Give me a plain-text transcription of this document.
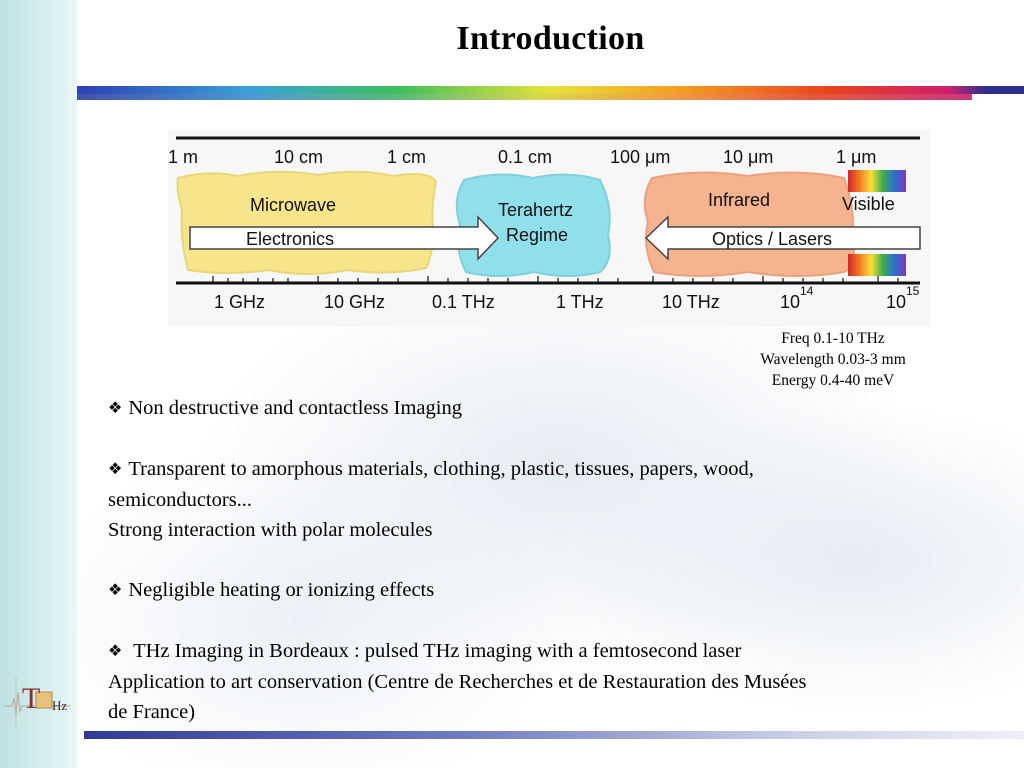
Introduction
1 m	10 cm	1 cm	0.1 cm	100 μm	10 μm	1 μm
Microwave
Electronics
Terahertz
Regime
Infrared	Visible
Optics / Lasers
1 GHz	10 GHz	0.1 THz	1 THz	10 THz	10
14
10
15
Freq 0.1-10 THz
Wavelength 0.03-3 mm
Energy 0.4-40 meV

❖ Non destructive and contactless Imaging

❖ Transparent to amorphous materials, clothing, plastic, tissues, papers, wood,

semiconductors...

Strong interaction with polar molecules

❖ Negligible heating or ionizing effects

❖ THz Imaging in Bordeaux : pulsed THz imaging with a femtosecond laser

Application to art conservation (Centre de Recherches et de Restauration des Musées

de France)

T Hz
